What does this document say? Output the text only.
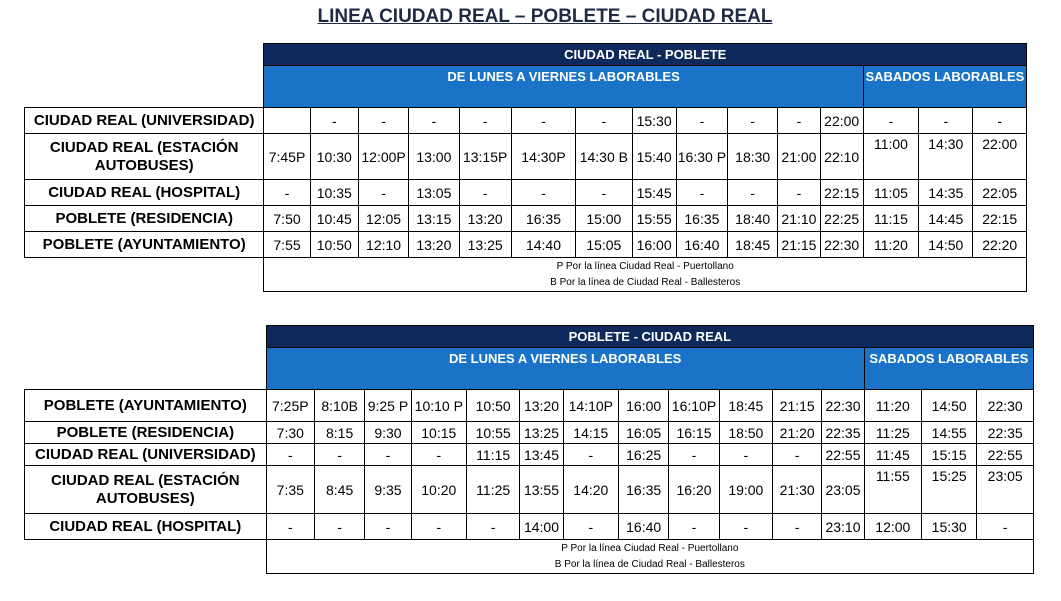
LINEA CIUDAD REAL – POBLETE – CIUDAD REAL
	CIUDAD REAL - POBLETE														
	DE LUNES A VIERNES LABORABLES												SABADOS LABORABLES		
CIUDAD REAL (UNIVERSIDAD)		-	-	-	-	-	-	15:30	-	-	-	22:00	-	-	-
CIUDAD REAL (ESTACIÓN AUTOBUSES)	7:45P	10:30	12:00P	13:00	13:15P	14:30P	14:30 B	15:40	16:30 P	18:30	21:00	22:10	11:00	14:30	22:00
CIUDAD REAL (HOSPITAL)	-	10:35	-	13:05	-	-	-	15:45	-	-	-	22:15	11:05	14:35	22:05
POBLETE (RESIDENCIA)	7:50	10:45	12:05	13:15	13:20	16:35	15:00	15:55	16:35	18:40	21:10	22:25	11:15	14:45	22:15
POBLETE (AYUNTAMIENTO)	7:55	10:50	12:10	13:20	13:25	14:40	15:05	16:00	16:40	18:45	21:15	22:30	11:20	14:50	22:20
	P Por la línea Ciudad Real - Puertollano														
	B Por la línea de Ciudad Real - Ballesteros														
	POBLETE - CIUDAD REAL														
	DE LUNES A VIERNES LABORABLES												SABADOS LABORABLES		
POBLETE (AYUNTAMIENTO)	7:25P	8:10B	9:25 P	10:10 P	10:50	13:20	14:10P	16:00	16:10P	18:45	21:15	22:30	11:20	14:50	22:30
POBLETE (RESIDENCIA)	7:30	8:15	9:30	10:15	10:55	13:25	14:15	16:05	16:15	18:50	21:20	22:35	11:25	14:55	22:35
CIUDAD REAL (UNIVERSIDAD)	-	-	-	-	11:15	13:45	-	16:25	-	-	-	22:55	11:45	15:15	22:55
CIUDAD REAL (ESTACIÓN AUTOBUSES)	7:35	8:45	9:35	10:20	11:25	13:55	14:20	16:35	16:20	19:00	21:30	23:05	11:55	15:25	23:05
CIUDAD REAL (HOSPITAL)	-	-	-	-	-	14:00	-	16:40	-	-	-	23:10	12:00	15:30	-
	P Por la línea Ciudad Real - Puertollano														
	B Por la línea de Ciudad Real - Ballesteros														
